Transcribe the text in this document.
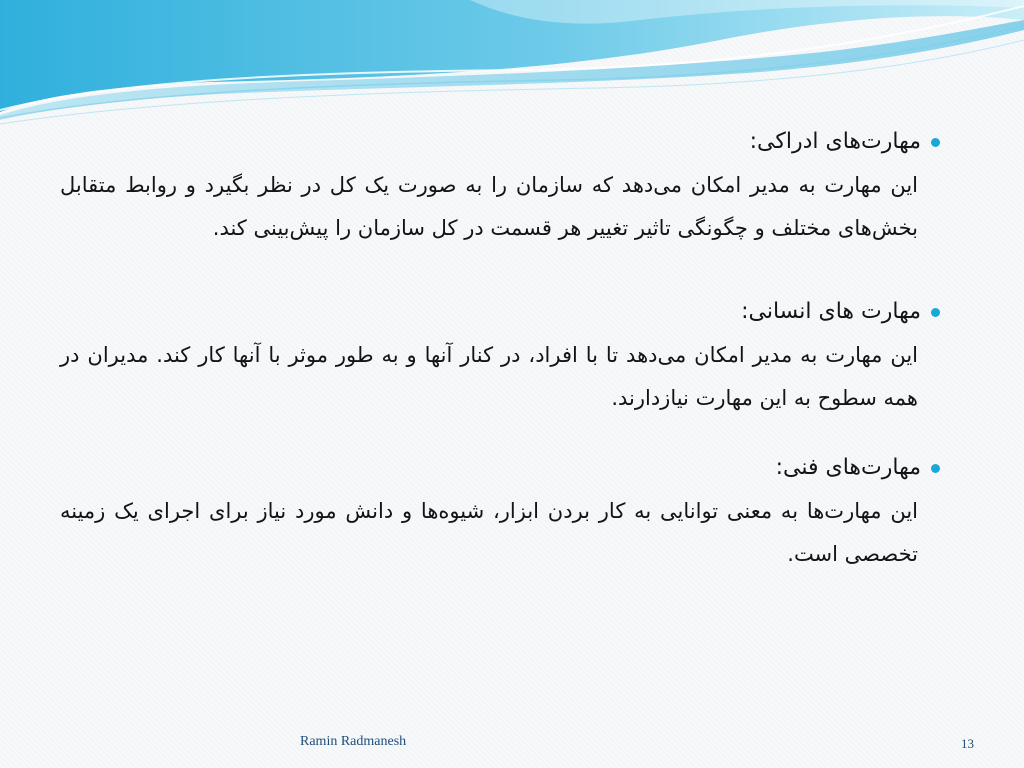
مهارت‌های ادراکی:
این مهارت به مدیر امکان می‌دهد که سازمان را به صورت یک کل در نظر بگیرد و روابط متقابل بخش‌های مختلف و چگونگی تاثیر تغییر هر قسمت در کل سازمان را پیش‌بینی کند.
مهارت های انسانی:
این مهارت به مدیر امکان می‌دهد تا با افراد، در کنار آنها و به طور موثر با آنها کار کند. مدیران در همه سطوح به این مهارت نیازدارند.
مهارت‌های فنی:
این مهارت‌ها به معنی توانایی به کار بردن ابزار، شیوه‌ها و دانش مورد نیاز برای اجرای یک زمینه تخصصی است.
Ramin Radmanesh	13
